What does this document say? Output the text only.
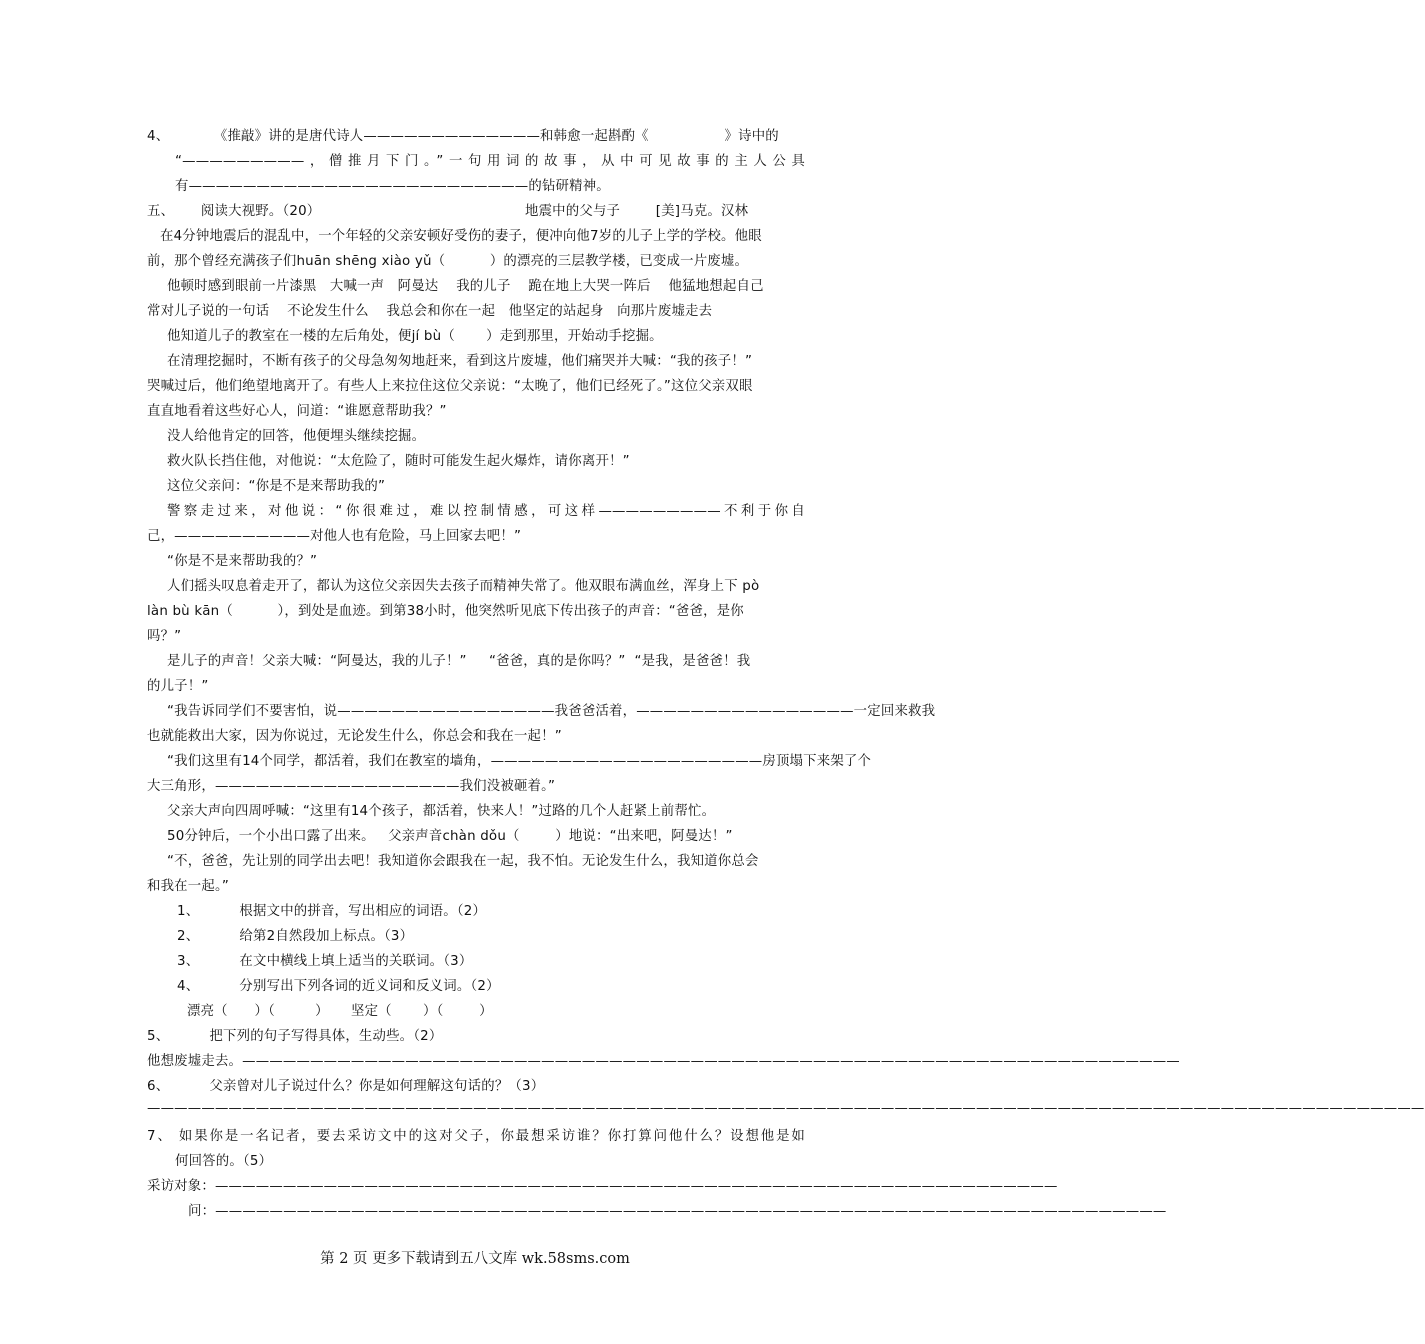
4、          《推敲》讲的是唐代诗人—————————————和韩愈一起斟酌《                 》诗中的
“—————————，僧推月下门。”一句用词的故事，从中可见故事的主人公具
有—————————————————————————的钻研精神。
五、      阅读大视野。（20）	地震中的父与子        [美]马克。汉林
在4分钟地震后的混乱中，一个年轻的父亲安顿好受伤的妻子，便冲向他7岁的儿子上学的学校。他眼
前，那个曾经充满孩子们huān shēng xiào yǔ（          ）的漂亮的三层教学楼，已变成一片废墟。
他顿时感到眼前一片漆黑   大喊一声   阿曼达    我的儿子    跪在地上大哭一阵后    他猛地想起自己
常对儿子说的一句话    不论发生什么    我总会和你在一起   他坚定的站起身   向那片废墟走去
他知道儿子的教室在一楼的左后角处，便jí bù（       ）走到那里，开始动手挖掘。
在清理挖掘时，不断有孩子的父母急匆匆地赶来，看到这片废墟，他们痛哭并大喊：“我的孩子！”
哭喊过后，他们绝望地离开了。有些人上来拉住这位父亲说：“太晚了，他们已经死了。”这位父亲双眼
直直地看着这些好心人，问道：“谁愿意帮助我？”
没人给他肯定的回答，他便埋头继续挖掘。
救火队长挡住他，对他说：“太危险了，随时可能发生起火爆炸，请你离开！”
这位父亲问：“你是不是来帮助我的”
警察走过来，对他说：“你很难过，难以控制情感，可这样—————————不利于你自
己，——————————对他人也有危险，马上回家去吧！”
“你是不是来帮助我的？”
人们摇头叹息着走开了，都认为这位父亲因失去孩子而精神失常了。他双眼布满血丝，浑身上下 pò
làn bù kān（          ），到处是血迹。到第38小时，他突然听见底下传出孩子的声音：“爸爸，是你
吗？”
是儿子的声音！父亲大喊：“阿曼达，我的儿子！”     “爸爸，真的是你吗？”  “是我，是爸爸！我
的儿子！”
“我告诉同学们不要害怕，说————————————————我爸爸活着，————————————————一定回来救我
也就能救出大家，因为你说过，无论发生什么，你总会和我在一起！”
“我们这里有14个同学，都活着，我们在教室的墙角，————————————————————房顶塌下来架了个
大三角形，——————————————————我们没被砸着。”
父亲大声向四周呼喊：“这里有14个孩子，都活着，快来人！”过路的几个人赶紧上前帮忙。
50分钟后，一个小出口露了出来。   父亲声音chàn dǒu（        ）地说：“出来吧，阿曼达！”
“不，爸爸，先让别的同学出去吧！我知道你会跟我在一起，我不怕。无论发生什么，我知道你总会
和我在一起。”
1、         根据文中的拼音，写出相应的词语。（2）
2、         给第2自然段加上标点。（3）
3、         在文中横线上填上适当的关联词。（3）
4、         分别写出下列各词的近义词和反义词。（2）
漂亮（      ）（         ）     坚定（       ）（        ）
5、         把下列的句子写得具体，生动些。（2）
他想废墟走去。—————————————————————————————————————————————————————————————————————
6、         父亲曾对儿子说过什么？你是如何理解这句话的？（3）
——————————————————————————————————————————————————————————————————————————————————————————————
7、 如果你是一名记者，要去采访文中的这对父子，你最想采访谁？你打算问他什么？设想他是如
何回答的。（5）
采访对象：——————————————————————————————————————————————————————————————
问：——————————————————————————————————————————————————————————————————————
第 2 页 更多下载请到五八文库 wk.58sms.com
